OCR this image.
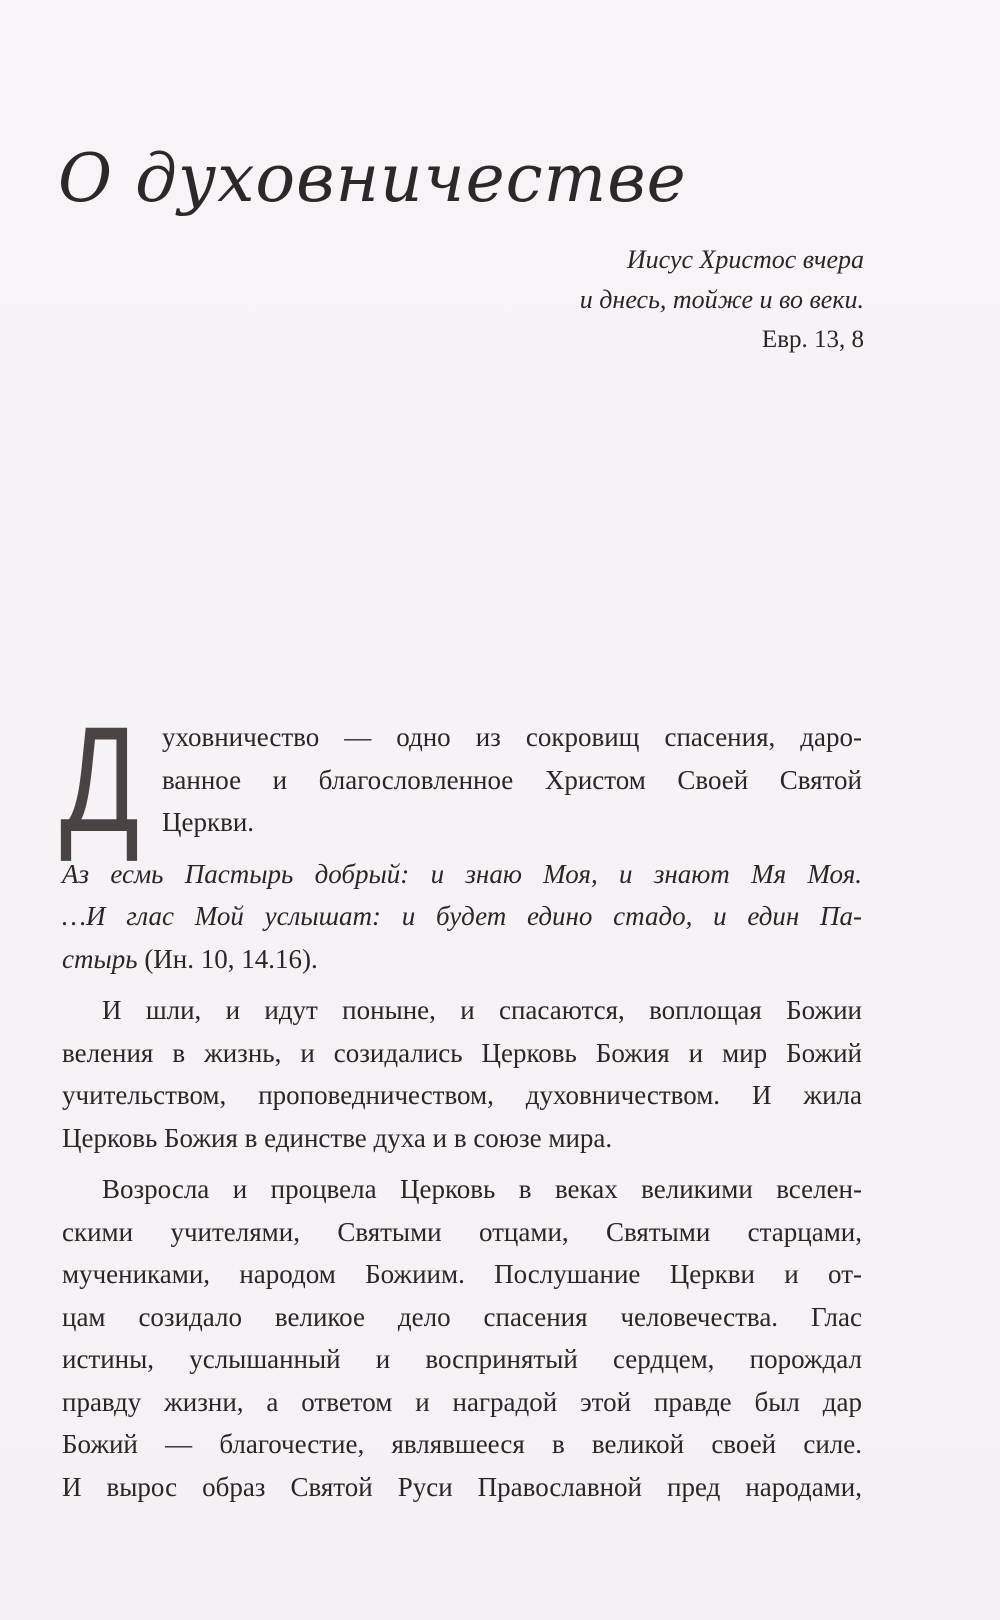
О духовничестве
Иисус Христос вчера
и днесь, тойже и во веки.
Евр. 13, 8

Д уховничество — одно из сокровищ спасения, даро-
ванное и благословленное Христом Своей Святой
Церкви.

Аз есмь Пастырь добрый: и знаю Моя, и знают Мя Моя.
…И глас Мой услышат: и будет едино стадо, и един Па-
стырь (Ин. 10, 14.16).

И шли, и идут поныне, и спасаются, воплощая Божии
веления в жизнь, и созидались Церковь Божия и мир Божий
учительством, проповедничеством, духовничеством. И жила
Церковь Божия в единстве духа и в союзе мира.

Возросла и процвела Церковь в веках великими вселен-
скими учителями, Святыми отцами, Святыми старцами,
мучениками, народом Божиим. Послушание Церкви и от-
цам созидало великое дело спасения человечества. Глас
истины, услышанный и воспринятый сердцем, порождал
правду жизни, а ответом и наградой этой правде был дар
Божий — благочестие, являвшееся в великой своей силе.
И вырос образ Святой Руси Православной пред народами,
